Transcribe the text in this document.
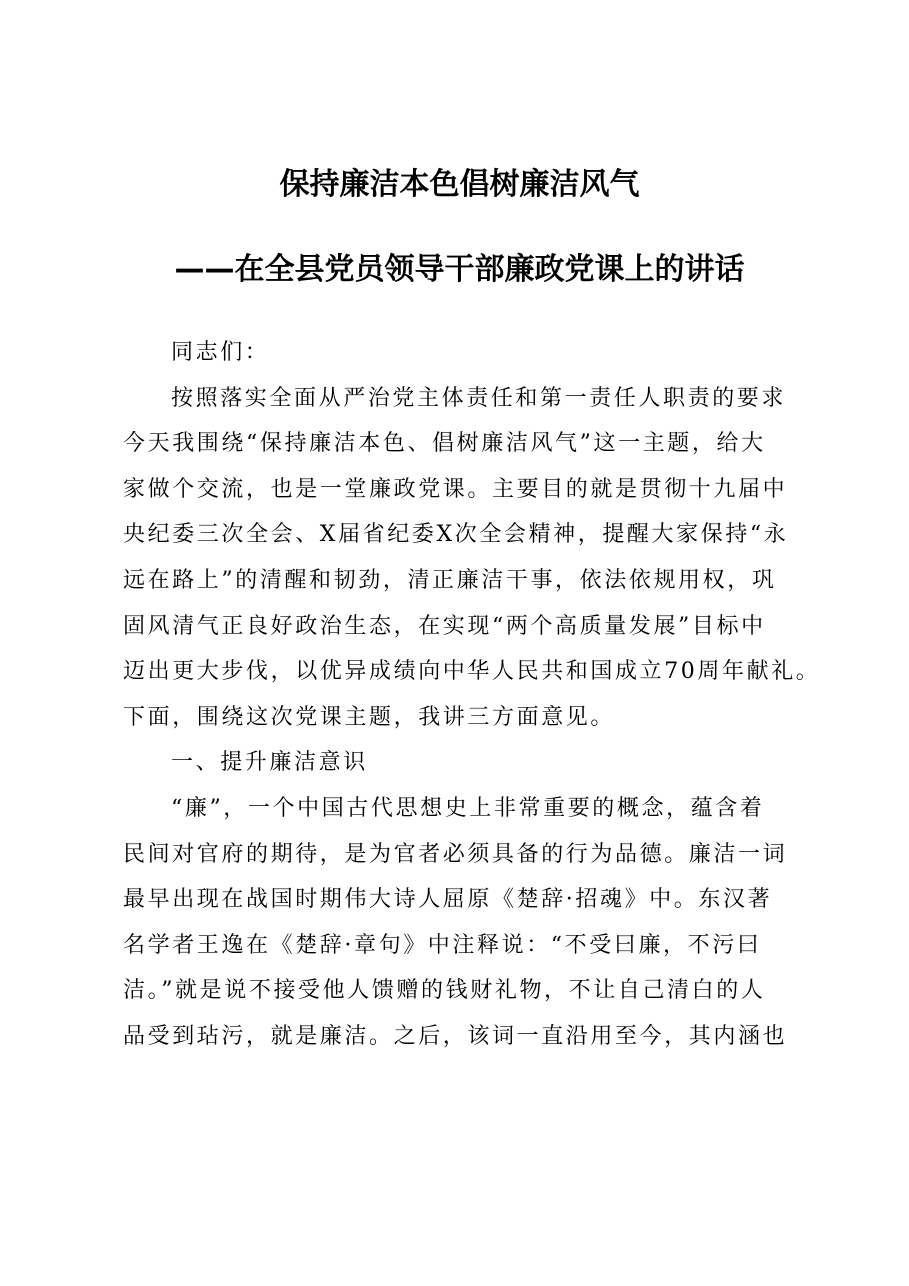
保持廉洁本色倡树廉洁风气
——在全县党员领导干部廉政党课上的讲话
同志们：
按照落实全面从严治党主体责任和第一责任人职责的要求
今天我围绕“保持廉洁本色、倡树廉洁风气”这一主题，给大
家做个交流，也是一堂廉政党课。主要目的就是贯彻十九届中
央纪委三次全会、X届省纪委X次全会精神，提醒大家保持“永
远在路上”的清醒和韧劲，清正廉洁干事，依法依规用权，巩
固风清气正良好政治生态，在实现“两个高质量发展”目标中
迈出更大步伐，以优异成绩向中华人民共和国成立70周年献礼。
下面，围绕这次党课主题，我讲三方面意见。
一、提升廉洁意识
“廉”，一个中国古代思想史上非常重要的概念，蕴含着
民间对官府的期待，是为官者必须具备的行为品德。廉洁一词
最早出现在战国时期伟大诗人屈原《楚辞·招魂》中。东汉著
名学者王逸在《楚辞·章句》中注释说：“不受曰廉，不污曰
洁。”就是说不接受他人馈赠的钱财礼物，不让自己清白的人
品受到玷污，就是廉洁。之后，该词一直沿用至今，其内涵也
